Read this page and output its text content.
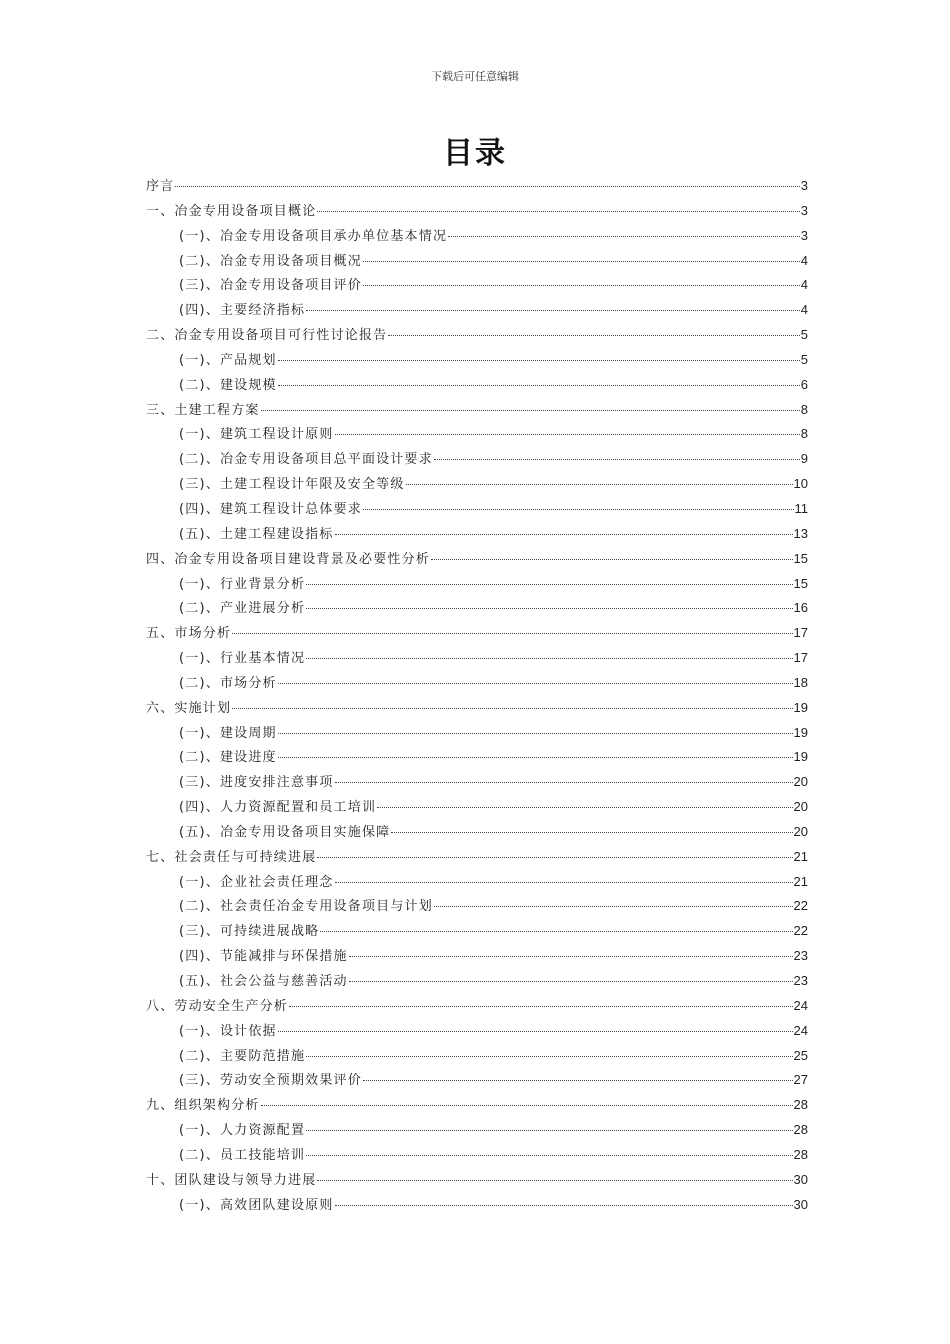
下载后可任意编辑
目录
序言	3
一、冶金专用设备项目概论	3
(一)、冶金专用设备项目承办单位基本情况	3
(二)、冶金专用设备项目概况	4
(三)、冶金专用设备项目评价	4
(四)、主要经济指标	4
二、冶金专用设备项目可行性讨论报告	5
(一)、产品规划	5
(二)、建设规模	6
三、土建工程方案	8
(一)、建筑工程设计原则	8
(二)、冶金专用设备项目总平面设计要求	9
(三)、土建工程设计年限及安全等级	10
(四)、建筑工程设计总体要求	11
(五)、土建工程建设指标	13
四、冶金专用设备项目建设背景及必要性分析	15
(一)、行业背景分析	15
(二)、产业进展分析	16
五、市场分析	17
(一)、行业基本情况	17
(二)、市场分析	18
六、实施计划	19
(一)、建设周期	19
(二)、建设进度	19
(三)、进度安排注意事项	20
(四)、人力资源配置和员工培训	20
(五)、冶金专用设备项目实施保障	20
七、社会责任与可持续进展	21
(一)、企业社会责任理念	21
(二)、社会责任冶金专用设备项目与计划	22
(三)、可持续进展战略	22
(四)、节能减排与环保措施	23
(五)、社会公益与慈善活动	23
八、劳动安全生产分析	24
(一)、设计依据	24
(二)、主要防范措施	25
(三)、劳动安全预期效果评价	27
九、组织架构分析	28
(一)、人力资源配置	28
(二)、员工技能培训	28
十、团队建设与领导力进展	30
(一)、高效团队建设原则	30
